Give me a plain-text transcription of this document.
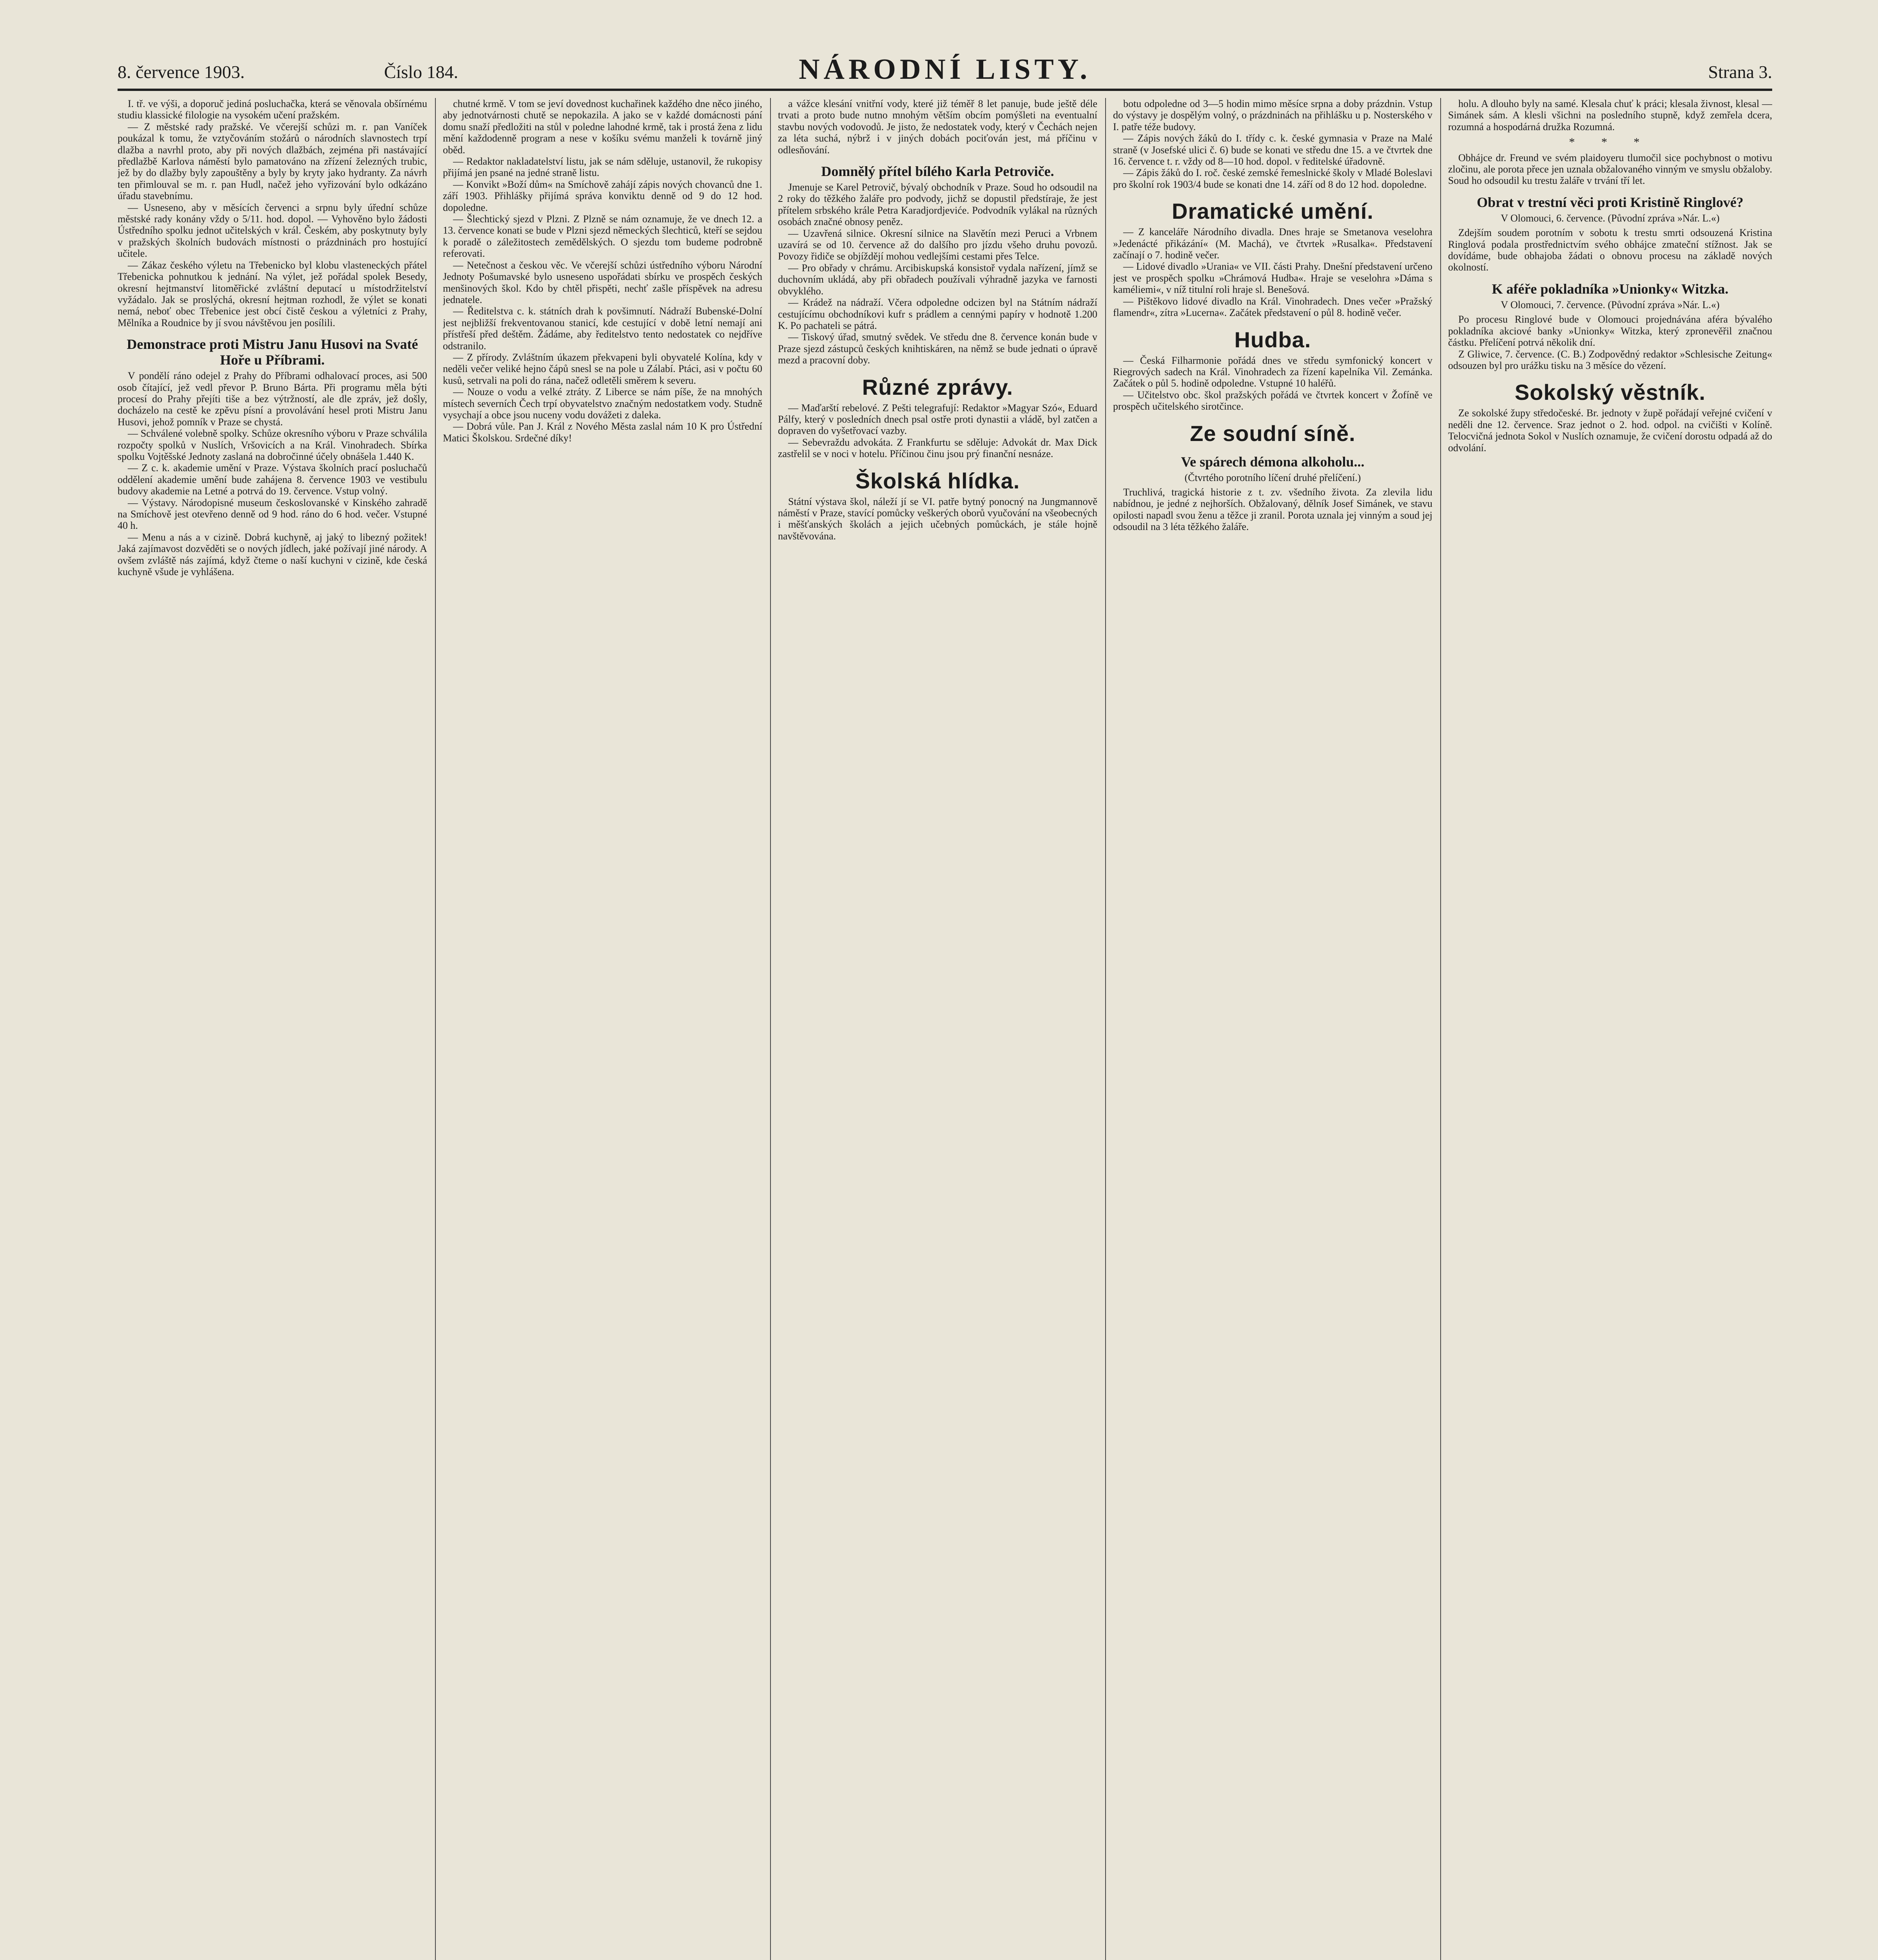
8. července 1903.	Číslo 184.	NÁRODNÍ LISTY.	Strana 3.

I. tř. ve výši, a doporuč jediná posluchačka, která se věnovala obšírnému studiu klassické filologie na vysokém učení pražském.

— Z městské rady pražské. Ve včerejší schůzi m. r. pan Vaníček poukázal k tomu, že vztyčováním stožárů o národních slavnostech trpí dlažba a navrhl proto, aby při nových dlažbách, zejména při nastávající předlažbě Karlova náměstí bylo pamatováno na zřízení železných trubic, jež by do dlažby byly zapouštěny a byly by kryty jako hydranty. Za návrh ten přimlouval se m. r. pan Hudl, načež jeho vyřizování bylo odkázáno úřadu stavebnímu.

— Usneseno, aby v měsících červenci a srpnu byly úřední schůze městské rady konány vždy o 5/11. hod. dopol. — Vyhověno bylo žádosti Ústředního spolku jednot učitelských v král. Českém, aby poskytnuty byly v pražských školních budovách místnosti o prázdninách pro hostující učitele.

— Zákaz českého výletu na Třebenicko byl klobu vlasteneckých přátel Třebenicka pohnutkou k jednání. Na výlet, jež pořádal spolek Besedy, okresní hejtmanství litoměřické zvláštní deputací u místodržitelství vyžádalo. Jak se proslýchá, okresní hejtman rozhodl, že výlet se konati nemá, neboť obec Třebenice jest obcí čistě českou a výletníci z Prahy, Mělníka a Roudnice by jí svou návštěvou jen posílili.

Demonstrace proti Mistru Janu Husovi na Svaté Hoře u Příbrami.

V pondělí ráno odejel z Prahy do Příbrami odhalovací proces, asi 500 osob čítající, jež vedl převor P. Bruno Bárta. Při programu měla býti procesí do Prahy přejíti tiše a bez výtržností, ale dle zpráv, jež došly, docházelo na cestě ke zpěvu písní a provolávání hesel proti Mistru Janu Husovi, jehož pomník v Praze se chystá.

— Schválené volebně spolky. Schůze okresního výboru v Praze schválila rozpočty spolků v Nuslích, Vršovicích a na Král. Vinohradech. Sbírka spolku Vojtěšské Jednoty zaslaná na dobročinné účely obnášela 1.440 K.

— Z c. k. akademie umění v Praze. Výstava školních prací posluchačů oddělení akademie umění bude zahájena 8. července 1903 ve vestibulu budovy akademie na Letné a potrvá do 19. července. Vstup volný.

— Výstavy. Národopisné museum českoslovanské v Kinského zahradě na Smíchově jest otevřeno denně od 9 hod. ráno do 6 hod. večer. Vstupné 40 h.

— Menu a nás a v cizině. Dobrá kuchyně, aj jaký to libezný požitek! Jaká zajímavost dozvěděti se o nových jídlech, jaké požívají jiné národy. A ovšem zvláště nás zajímá, když čteme o naší kuchyni v cizině, kde česká kuchyně všude je vyhlášena.

chutné krmě. V tom se jeví dovednost kuchařinek každého dne něco jiného, aby jednotvárnosti chutě se nepokazila. A jako se v každé domácnosti pání domu snaží předložiti na stůl v poledne lahodné krmě, tak i prostá žena z lidu mění každodenně program a nese v košíku svému manželi k továrně jiný oběd.

— Redaktor nakladatelství listu, jak se nám sděluje, ustanovil, že rukopisy přijímá jen psané na jedné straně listu.

— Konvikt »Boží dům« na Smíchově zahájí zápis nových chovanců dne 1. září 1903. Přihlášky přijímá správa konviktu denně od 9 do 12 hod. dopoledne.

— Šlechtický sjezd v Plzni. Z Plzně se nám oznamuje, že ve dnech 12. a 13. července konati se bude v Plzni sjezd německých šlechticů, kteří se sejdou k poradě o záležitostech zemědělských. O sjezdu tom budeme podrobně referovati.

— Netečnost a českou věc. Ve včerejší schůzi ústředního výboru Národní Jednoty Pošumavské bylo usneseno uspořádati sbírku ve prospěch českých menšinových škol. Kdo by chtěl přispěti, nechť zašle příspěvek na adresu jednatele.

— Ředitelstva c. k. státních drah k povšimnutí. Nádraží Bubenské-Dolní jest nejbližší frekventovanou stanicí, kde cestující v době letní nemají ani přístřeší před deštěm. Žádáme, aby ředitelstvo tento nedostatek co nejdříve odstranilo.

— Z přírody. Zvláštním úkazem překvapeni byli obyvatelé Kolína, kdy v neděli večer veliké hejno čápů snesl se na pole u Zálabí. Ptáci, asi v počtu 60 kusů, setrvali na poli do rána, načež odletěli směrem k severu.

— Nouze o vodu a velké ztráty. Z Liberce se nám píše, že na mnohých místech severních Čech trpí obyvatelstvo značným nedostatkem vody. Studně vysychají a obce jsou nuceny vodu dovážeti z daleka.

— Dobrá vůle. Pan J. Král z Nového Města zaslal nám 10 K pro Ústřední Matici Školskou. Srdečné díky!

a vážce klesání vnitřní vody, které již téměř 8 let panuje, bude ještě déle trvati a proto bude nutno mnohým větším obcím pomýšleti na eventualní stavbu nových vodovodů. Je jisto, že nedostatek vody, který v Čechách nejen za léta suchá, nýbrž i v jiných dobách pociťován jest, má příčinu v odlesňování.

Domnělý přítel bílého Karla Petroviče.

Jmenuje se Karel Petrovič, bývalý obchodník v Praze. Soud ho odsoudil na 2 roky do těžkého žaláře pro podvody, jichž se dopustil předstíraje, že jest přítelem srbského krále Petra Karadjordjeviće. Podvodník vylákal na různých osobách značné obnosy peněz.

— Uzavřená silnice. Okresní silnice na Slavětín mezi Peruci a Vrbnem uzavírá se od 10. července až do dalšího pro jízdu všeho druhu povozů. Povozy řidiče se objíždějí mohou vedlejšími cestami přes Telce.

— Pro obřady v chrámu. Arcibiskupská konsistoř vydala nařízení, jímž se duchovním ukládá, aby při obřadech používali výhradně jazyka ve farnosti obvyklého.

— Krádež na nádraží. Včera odpoledne odcizen byl na Státním nádraží cestujícímu obchodníkovi kufr s prádlem a cennými papíry v hodnotě 1.200 K. Po pachateli se pátrá.

— Tiskový úřad, smutný svědek. Ve středu dne 8. července konán bude v Praze sjezd zástupců českých knihtiskáren, na němž se bude jednati o úpravě mezd a pracovní doby.

Různé zprávy.

— Maďarští rebelové. Z Pešti telegrafují: Redaktor »Magyar Szó«, Eduard Pálfy, který v posledních dnech psal ostře proti dynastii a vládě, byl zatčen a dopraven do vyšetřovací vazby.

— Sebevraždu advokáta. Z Frankfurtu se sděluje: Advokát dr. Max Dick zastřelil se v noci v hotelu. Příčinou činu jsou prý finanční nesnáze.

Školská hlídka.

Státní výstava škol, náleží jí se VI. patře bytný ponocný na Jungmannově náměstí v Praze, stavící pomůcky veškerých oborů vyučování na všeobecných i měšťanských školách a jejich učebných pomůckách, je stále hojně navštěvována.

botu odpoledne od 3—5 hodin mimo měsíce srpna a doby prázdnin. Vstup do výstavy je dospělým volný, o prázdninách na přihlášku u p. Nosterského v I. patře téže budovy.

— Zápis nových žáků do I. třídy c. k. české gymnasia v Praze na Malé straně (v Josefské ulici č. 6) bude se konati ve středu dne 15. a ve čtvrtek dne 16. července t. r. vždy od 8—10 hod. dopol. v ředitelské úřadovně.

— Zápis žáků do I. roč. české zemské řemeslnické školy v Mladé Boleslavi pro školní rok 1903/4 bude se konati dne 14. září od 8 do 12 hod. dopoledne.

Dramatické umění.

— Z kanceláře Národního divadla. Dnes hraje se Smetanova veselohra »Jedenácté přikázání« (M. Machá), ve čtvrtek »Rusalka«. Představení začínají o 7. hodině večer.

— Lidové divadlo »Urania« ve VII. části Prahy. Dnešní představení určeno jest ve prospěch spolku »Chrámová Hudba«. Hraje se veselohra »Dáma s kaméliemi«, v níž titulní roli hraje sl. Benešová.

— Pištěkovo lidové divadlo na Král. Vinohradech. Dnes večer »Pražský flamendr«, zítra »Lucerna«. Začátek představení o půl 8. hodině večer.

Hudba.

— Česká Filharmonie pořádá dnes ve středu symfonický koncert v Riegrových sadech na Král. Vinohradech za řízení kapelníka Vil. Zemánka. Začátek o půl 5. hodině odpoledne. Vstupné 10 haléřů.

— Učitelstvo obc. škol pražských pořádá ve čtvrtek koncert v Žofíně ve prospěch učitelského sirotčince.

Ze soudní síně.
Ve spárech démona alkoholu...

(Čtvrtého porotního líčení druhé přelíčení.)

Truchlivá, tragická historie z t. zv. všedního života. Za zlevila lidu nabídnou, je jedné z nejhorších. Obžalovaný, dělník Josef Simánek, ve stavu opilosti napadl svou ženu a těžce ji zranil. Porota uznala jej vinným a soud jej odsoudil na 3 léta těžkého žaláře.

holu. A dlouho byly na samé. Klesala chuť k práci; klesala živnost, klesal — Simánek sám. A klesli všichni na posledního stupně, když zemřela dcera, rozumná a hospodárná družka Rozumná.

* * *

Obhájce dr. Freund ve svém plaidoyeru tlumočil sice pochybnost o motivu zločinu, ale porota přece jen uznala obžalovaného vinným ve smyslu obžaloby. Soud ho odsoudil ku trestu žaláře v trvání tří let.

Obrat v trestní věci proti Kristině Ringlové?

V Olomouci, 6. července. (Původní zpráva »Nár. L.«)

Zdejším soudem porotním v sobotu k trestu smrti odsouzená Kristina Ringlová podala prostřednictvím svého obhájce zmateční stížnost. Jak se dovídáme, bude obhajoba žádati o obnovu procesu na základě nových okolností.

K aféře pokladníka »Unionky« Witzka.

V Olomouci, 7. července. (Původní zpráva »Nár. L.«)

Po procesu Ringlové bude v Olomouci projednávána aféra bývalého pokladníka akciové banky »Unionky« Witzka, který zpronevěřil značnou částku. Přelíčení potrvá několik dní.

Z Gliwice, 7. července. (C. B.) Zodpovědný redaktor »Schlesische Zeitung« odsouzen byl pro urážku tisku na 3 měsíce do vězení.

Sokolský věstník.

Ze sokolské župy středočeské. Br. jednoty v župě pořádají veřejné cvičení v neděli dne 12. července. Sraz jednot o 2. hod. odpol. na cvičišti v Kolíně. Telocvičná jednota Sokol v Nuslích oznamuje, že cvičení dorostu odpadá až do odvolání.
